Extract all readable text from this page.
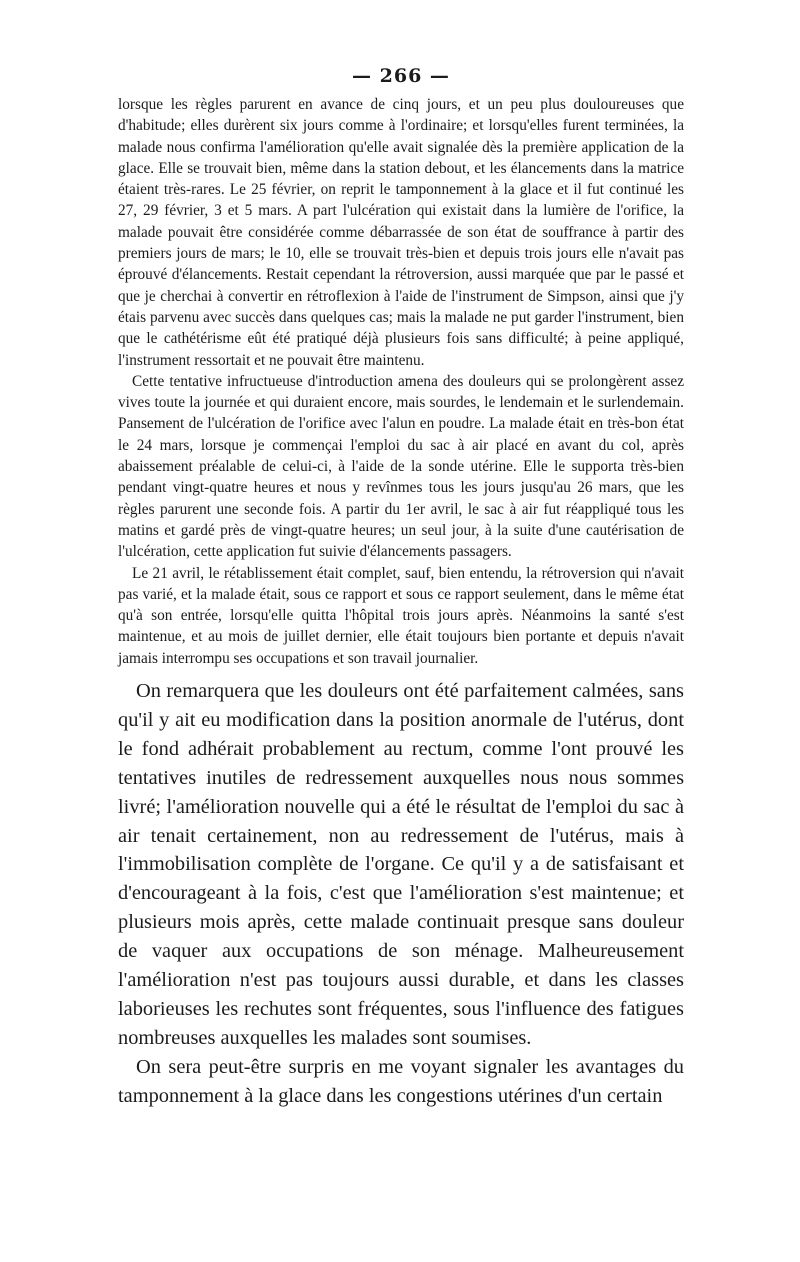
— 266 —

lorsque les règles parurent en avance de cinq jours, et un peu plus douloureuses que d'habitude; elles durèrent six jours comme à l'ordinaire; et lorsqu'elles furent terminées, la malade nous confirma l'amélioration qu'elle avait signalée dès la première application de la glace. Elle se trouvait bien, même dans la station debout, et les élancements dans la matrice étaient très-rares. Le 25 février, on reprit le tamponnement à la glace et il fut continué les 27, 29 février, 3 et 5 mars. A part l'ulcération qui existait dans la lumière de l'orifice, la malade pouvait être considérée comme débarrassée de son état de souffrance à partir des premiers jours de mars; le 10, elle se trouvait très-bien et depuis trois jours elle n'avait pas éprouvé d'élancements. Restait cependant la rétroversion, aussi marquée que par le passé et que je cherchai à convertir en rétroflexion à l'aide de l'instrument de Simpson, ainsi que j'y étais parvenu avec succès dans quelques cas; mais la malade ne put garder l'instrument, bien que le cathétérisme eût été pratiqué déjà plusieurs fois sans difficulté; à peine appliqué, l'instrument ressortait et ne pouvait être maintenu.

Cette tentative infructueuse d'introduction amena des douleurs qui se prolongèrent assez vives toute la journée et qui duraient encore, mais sourdes, le lendemain et le surlendemain. Pansement de l'ulcération de l'orifice avec l'alun en poudre. La malade était en très-bon état le 24 mars, lorsque je commençai l'emploi du sac à air placé en avant du col, après abaissement préalable de celui-ci, à l'aide de la sonde utérine. Elle le supporta très-bien pendant vingt-quatre heures et nous y revînmes tous les jours jusqu'au 26 mars, que les règles parurent une seconde fois. A partir du 1er avril, le sac à air fut réappliqué tous les matins et gardé près de vingt-quatre heures; un seul jour, à la suite d'une cautérisation de l'ulcération, cette application fut suivie d'élancements passagers.

Le 21 avril, le rétablissement était complet, sauf, bien entendu, la rétroversion qui n'avait pas varié, et la malade était, sous ce rapport et sous ce rapport seulement, dans le même état qu'à son entrée, lorsqu'elle quitta l'hôpital trois jours après. Néanmoins la santé s'est maintenue, et au mois de juillet dernier, elle était toujours bien portante et depuis n'avait jamais interrompu ses occupations et son travail journalier.

On remarquera que les douleurs ont été parfaitement calmées, sans qu'il y ait eu modification dans la position anormale de l'utérus, dont le fond adhérait probablement au rectum, comme l'ont prouvé les tentatives inutiles de redressement auxquelles nous nous sommes livré; l'amélioration nouvelle qui a été le résultat de l'emploi du sac à air tenait certainement, non au redressement de l'utérus, mais à l'immobilisation complète de l'organe. Ce qu'il y a de satisfaisant et d'encourageant à la fois, c'est que l'amélioration s'est maintenue; et plusieurs mois après, cette malade continuait presque sans douleur de vaquer aux occupations de son ménage. Malheureusement l'amélioration n'est pas toujours aussi durable, et dans les classes laborieuses les rechutes sont fréquentes, sous l'influence des fatigues nombreuses auxquelles les malades sont soumises.

On sera peut-être surpris en me voyant signaler les avantages du tamponnement à la glace dans les congestions utérines d'un certain
